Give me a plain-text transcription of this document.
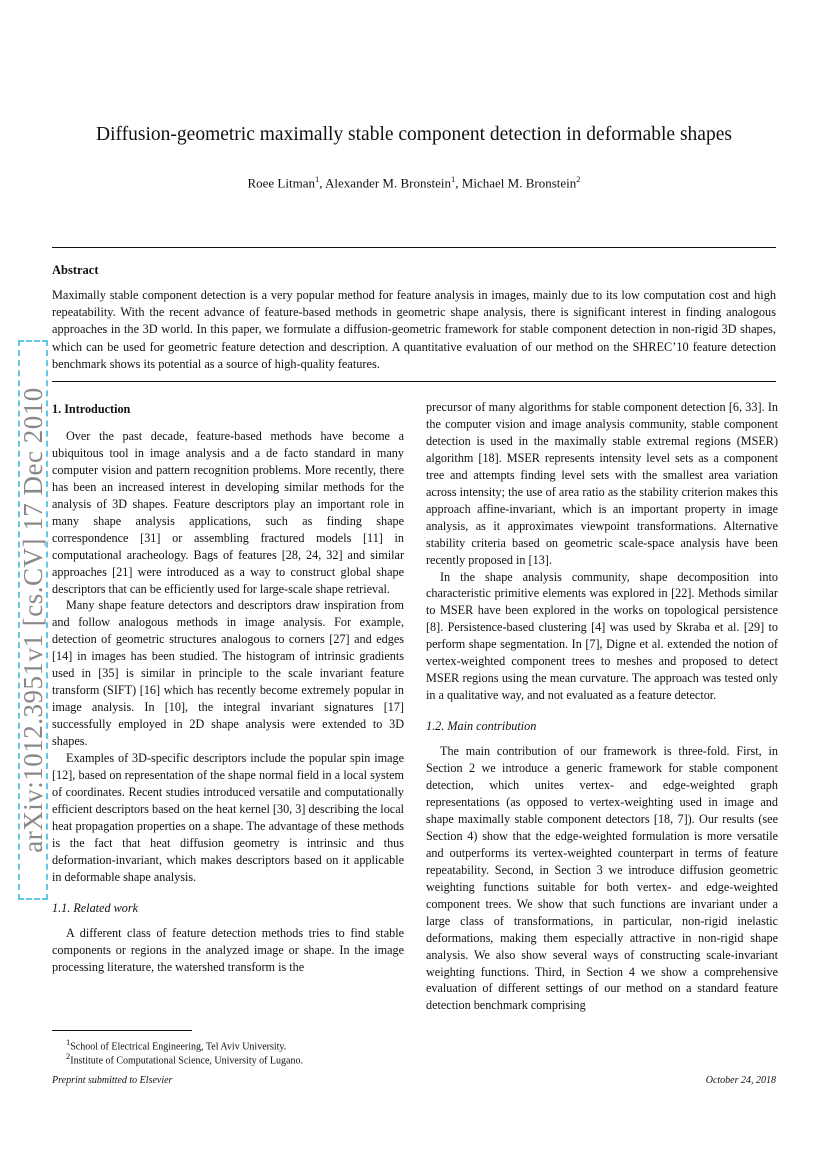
arXiv:1012.3951v1 [cs.CV] 17 Dec 2010
Diffusion-geometric maximally stable component detection in deformable shapes
Roee Litman$^1$, Alexander M. Bronstein$^1$, Michael M. Bronstein$^2$
Abstract

Maximally stable component detection is a very popular method for feature analysis in images, mainly due to its low computation cost and high repeatability. With the recent advance of feature-based methods in geometric shape analysis, there is significant interest in finding analogous approaches in the 3D world. In this paper, we formulate a diffusion-geometric framework for stable component detection in non-rigid 3D shapes, which can be used for geometric feature detection and description. A quantitative evaluation of our method on the SHREC’10 feature detection benchmark shows its potential as a source of high-quality features.

1. Introduction

Over the past decade, feature-based methods have become a ubiquitous tool in image analysis and a de facto standard in many computer vision and pattern recognition problems. More recently, there has been an increased interest in developing similar methods for the analysis of 3D shapes. Feature descriptors play an important role in many shape analysis applications, such as finding shape correspondence [31] or assembling fractured models [11] in computational aracheology. Bags of features [28, 24, 32] and similar approaches [21] were introduced as a way to construct global shape descriptors that can be efficiently used for large-scale shape retrieval.

Many shape feature detectors and descriptors draw inspiration from and follow analogous methods in image analysis. For example, detection of geometric structures analogous to corners [27] and edges [14] in images has been studied. The histogram of intrinsic gradients used in [35] is similar in principle to the scale invariant feature transform (SIFT) [16] which has recently become extremely popular in image analysis. In [10], the integral invariant signatures [17] successfully employed in 2D shape analysis were extended to 3D shapes.

Examples of 3D-specific descriptors include the popular spin image [12], based on representation of the shape normal field in a local system of coordinates. Recent studies introduced versatile and computationally efficient descriptors based on the heat kernel [30, 3] describing the local heat propagation properties on a shape. The advantage of these methods is the fact that heat diffusion geometry is intrinsic and thus deformation-invariant, which makes descriptors based on it applicable in deformable shape analysis.

1.1. Related work

A different class of feature detection methods tries to find stable components or regions in the analyzed image or shape. In the image processing literature, the watershed transform is the

precursor of many algorithms for stable component detection [6, 33]. In the computer vision and image analysis community, stable component detection is used in the maximally stable extremal regions (MSER) algorithm [18]. MSER represents intensity level sets as a component tree and attempts finding level sets with the smallest area variation across intensity; the use of area ratio as the stability criterion makes this approach affine-invariant, which is an important property in image analysis, as it approximates viewpoint transformations. Alternative stability criteria based on geometric scale-space analysis have been recently proposed in [13].

In the shape analysis community, shape decomposition into characteristic primitive elements was explored in [22]. Methods similar to MSER have been explored in the works on topological persistence [8]. Persistence-based clustering [4] was used by Skraba et al. [29] to perform shape segmentation. In [7], Digne et al. extended the notion of vertex-weighted component trees to meshes and proposed to detect MSER regions using the mean curvature. The approach was tested only in a qualitative way, and not evaluated as a feature detector.

1.2. Main contribution

The main contribution of our framework is three-fold. First, in Section 2 we introduce a generic framework for stable component detection, which unites vertex- and edge-weighted graph representations (as opposed to vertex-weighting used in image and shape maximally stable component detectors [18, 7]). Our results (see Section 4) show that the edge-weighted formulation is more versatile and outperforms its vertex-weighted counterpart in terms of feature repeatability. Second, in Section 3 we introduce diffusion geometric weighting functions suitable for both vertex- and edge-weighted component trees. We show that such functions are invariant under a large class of transformations, in particular, non-rigid inelastic deformations, making them especially attractive in non-rigid shape analysis. We also show several ways of constructing scale-invariant weighting functions. Third, in Section 4 we show a comprehensive evaluation of different settings of our method on a standard feature detection benchmark comprising

$^1$School of Electrical Engineering, Tel Aviv University.
$^2$Institute of Computational Science, University of Lugano.
Preprint submitted to Elsevier	October 24, 2018
